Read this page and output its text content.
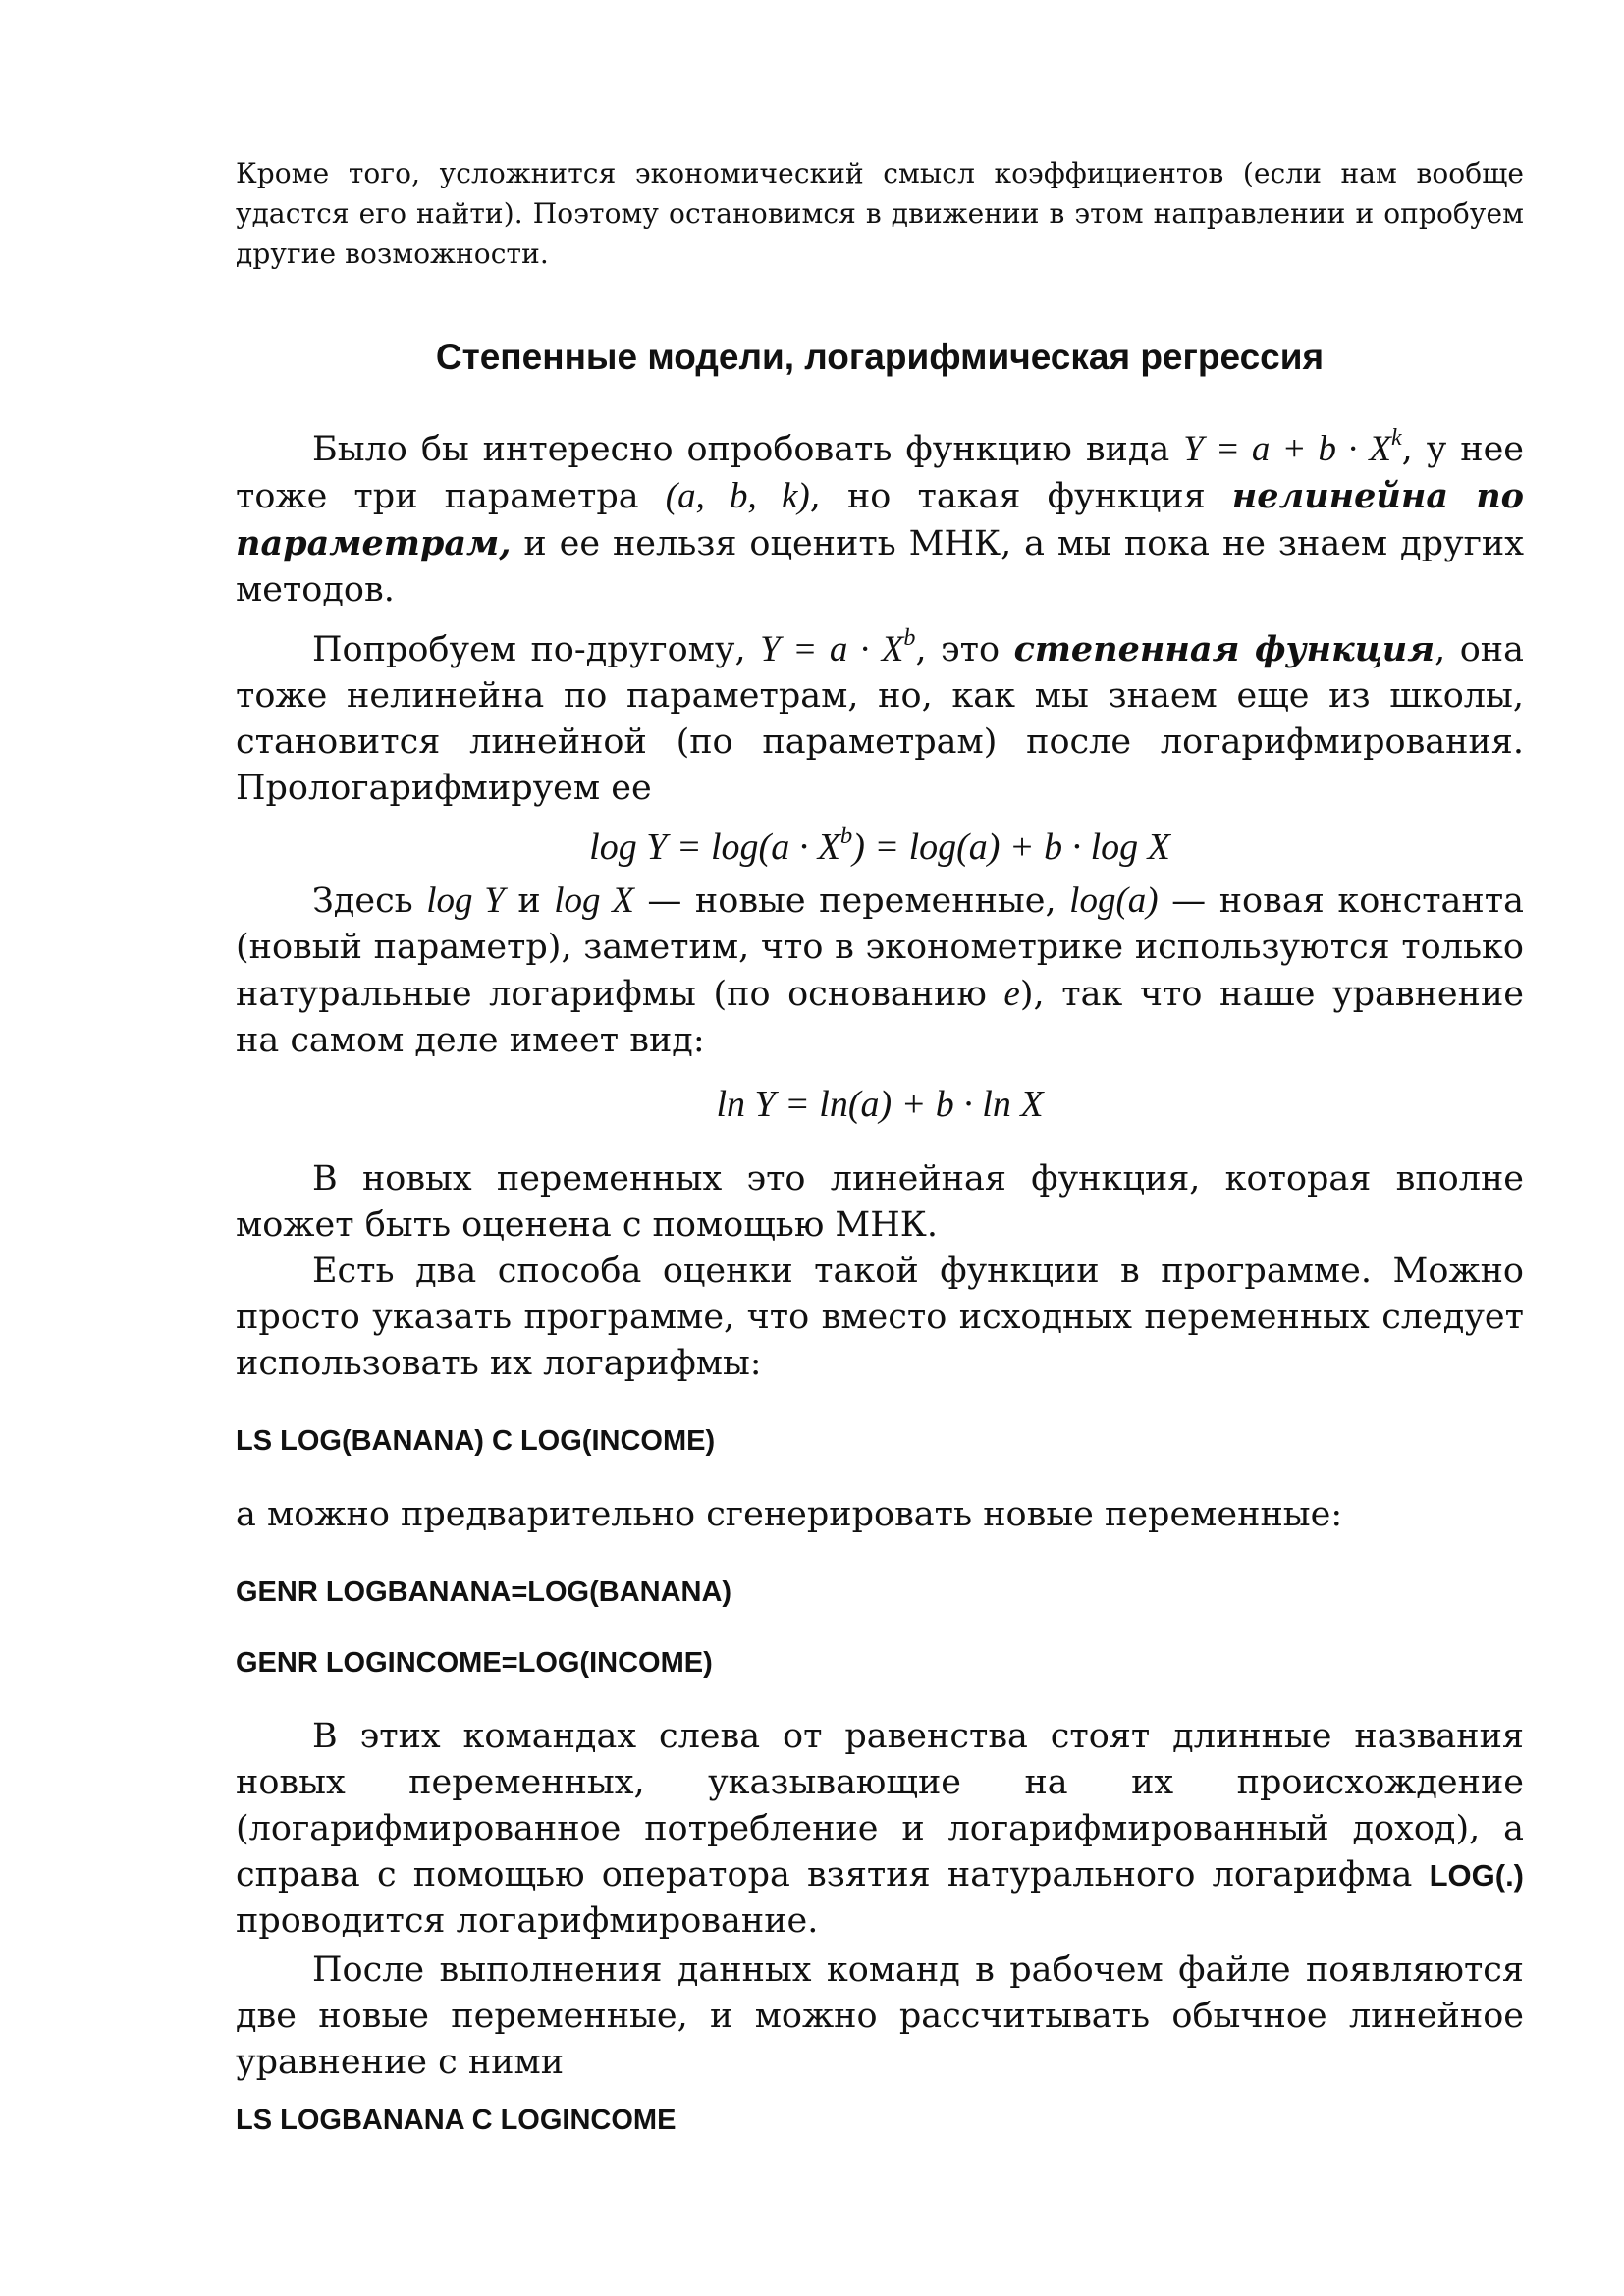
Кроме того, усложнится экономический смысл коэффициентов (если нам вообще удастся его найти). Поэтому остановимся в движении в этом направлении и опробуем другие возможности.
Степенные модели, логарифмическая регрессия
Было бы интересно опробовать функцию вида $Y = a + b \cdot X^k$, у нее тоже три параметра (a, b, k), но такая функция нелинейна по параметрам, и ее нельзя оценить МНК, а мы пока не знаем других методов.
Попробуем по-другому, $Y = a \cdot X^b$, это степенная функция, она тоже нелинейна по параметрам, но, как мы знаем еще из школы, становится линейной (по параметрам) после логарифмирования. Прологарифмируем ее
$\log Y = \log(a \cdot X^b) = \log(a) + b \cdot \log X$
Здесь log Y и log X — новые переменные, log(a) — новая константа (новый параметр), заметим, что в эконометрике используются только натуральные логарифмы (по основанию e), так что наше уравнение на самом деле имеет вид:
ln Y = ln(a) + b · ln X
В новых переменных это линейная функция, которая вполне может быть оценена с помощью МНК.
Есть два способа оценки такой функции в программе. Можно просто указать программе, что вместо исходных переменных следует использовать их логарифмы:
LS LOG(BANANA) C LOG(INCOME)
а можно предварительно сгенерировать новые переменные:
GENR LOGBANANA=LOG(BANANA)
GENR LOGINCOME=LOG(INCOME)
В этих командах слева от равенства стоят длинные названия новых переменных, указывающие на их происхождение (логарифмированное потребление и логарифмированный доход), а справа с помощью оператора взятия натурального логарифма LOG(.) проводится логарифмирование.
После выполнения данных команд в рабочем файле появляются две новые переменные, и можно рассчитывать обычное линейное уравнение с ними
LS LOGBANANA C LOGINCOME
